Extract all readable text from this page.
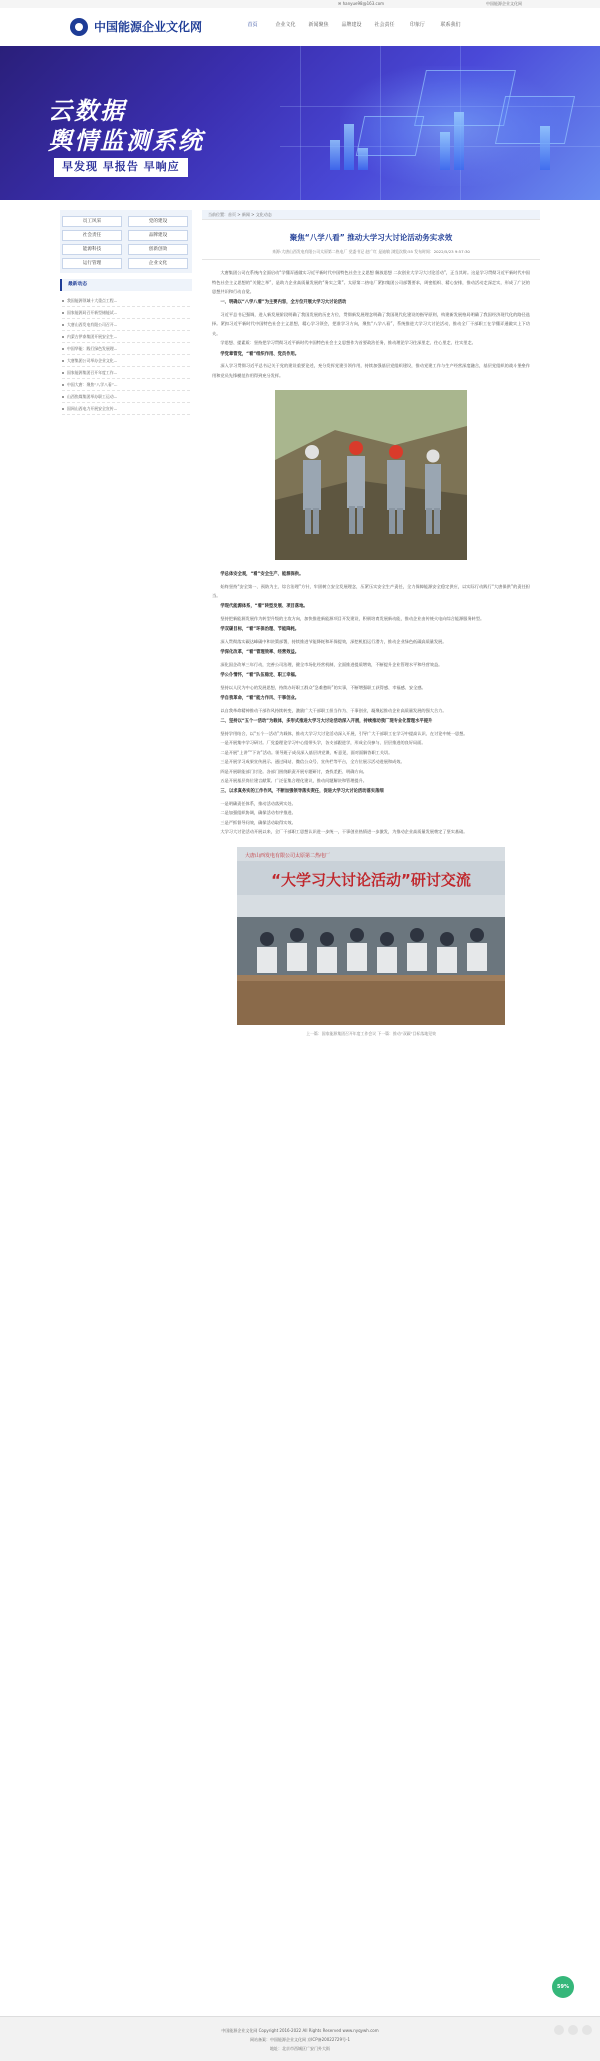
✉ hanyue98@163.com	中国能源企业文化网
中国能源企业文化网	首页	企业文化	新闻聚焦	品牌建设	社会责任	印象厅	联系我们
云数据
舆情监测系统
早发现 早报告 早响应
员工风采	党的建设
社会责任	品牌建设
能源科技	创新创效
运行管理	企业文化
最新动态
我国能源领域十大重点工程...
国家能源局召开新型储能试...
大唐山西发电有限公司召开...
内蒙古伊泰集团开展安全生...
中国华能：践行绿色发展理...
大唐集团公司举办企业文化...
国家能源集团召开年度工作...
中国大唐：聚焦“八学八看”...
山西焦煤集团举办职工运动...
国网山西电力开展安全宣传...
当前位置：首页 > 新闻 > 文化动态
聚焦“八学八看” 推动大学习大讨论活动务实求效
来源:大唐山西发电有限公司太原第二热电厂 党委书记 赵广红 是迪敏 浏览次数:55 发布时间：2022/5/23 9:57:30
大唐集团公司在系统内全面启动“学懂弄通做实习近平新时代中国特色社会主义思想 解放思想 二次创业大学习大讨论活动”，正当其时。这是学习贯彻习近平新时代中国特色社会主义思想的“关键之举”，是助力企业高质量发展的“务实之策”。太原第二热电厂紧扣集团公司部署要求，周密组织、精心安排，推动活动走深走实，形成了广泛的思想共识和行动自觉。
一、明确以“八学八看”为主要内容，全方位开展大学习大讨论活动
习近平总书记强调，进入新发展阶段明确了我国发展的历史方位，贯彻新发展理念明确了我国现代化建设的指导原则，构建新发展格局明确了我国经济现代化的路径选择。紧扣习近平新时代中国特色社会主义思想，精心学习领会，把准学习方向，聚焦“八学八看”，系统推进大学习大讨论活动，推动全厂干部职工在学懂弄通做实上下功夫。
学思想、提素质：坚持把学习贯彻习近平新时代中国特色社会主义思想作为首要政治任务，推动理论学习往深里走、往心里走、往实里走。
学党章管党，“看”组织作用、党员作用。
深入学习贯彻习近平总书记关于党的建设重要论述，充分发挥党建引领作用，持续加强基层党组织建设，推动党建工作与生产经营深度融合，基层党组织的战斗堡垒作用和党员先锋模范作用得到充分发挥。
学总体安全观，“看”安全生产、能源保供。
始终坚持“安全第一、预防为主、综合治理”方针，牢固树立安全发展理念，压紧压实安全生产责任，全力保障能源安全稳定供应，以实际行动践行“大唐保供”的责任担当。
学现代能源体系，“看”转型发展、项目落地。
坚持把新能源发展作为转型升级的主攻方向，加快推进新能源项目开发建设，积极培育发展新动能，推动企业由传统火电向综合能源服务转型。
学双碳目标，“看”环保治理、节能降耗。
深入贯彻落实碳达峰碳中和决策部署，持续推进节能降耗和环保提效，深挖机组运行潜力，推动企业绿色低碳高质量发展。
学深化改革，“看”管理效率、经营效益。
深化国企改革三年行动，完善公司治理，健全市场化经营机制，全面推进提质增效，不断提升企业管理水平和经营效益。
学公仆情怀，“看”队伍稳定、职工幸福。
坚持以人民为中心的发展思想，持续办好职工群众“急难愁盼”的实事，不断增强职工获得感、幸福感、安全感。
学自我革命，“看”能力作风、干事创业。
以自我革命精神推动干部作风持续转变，激励广大干部职工担当作为、干事创业，凝聚起推动企业高质量发展的强大合力。
二、坚持以“五个一活动”为载体，多形式推进大学习大讨论活动深入开展，持续推动我厂现专业化管理水平提升
坚持学用结合，以“五个一活动”为载体，推动大学习大讨论活动深入开展，引导广大干部职工在学习中提高认识、在讨论中统一思想。
一是开展集中学习研讨。厂党委理论学习中心组带头学，各支部跟进学，形成全员参与、层层推进的良好局面。
二是开展“上讲”“下访”活动。领导班子成员深入基层讲党课、听意见，面对面解答职工关切。
三是开展学习成果宣传展示。通过网站、微信公众号、宣传栏等平台，全方位展示活动进展和成效。
四是开展职能部门讨论。各部门围绕职责开展专题研讨，查找差距、明确方向。
五是开展基层岗位建言献策。广泛征集合理化建议，推动问题解决和管理提升。
三、以求真务实的工作作风，不断加强领导落实责任，促进大学习大讨论活动落实落细
一是明确责任体系，推动活动落到实处。
二是加强组织协调，确保活动有序推进。
三是严抓督导问效，确保活动取得实效。
大学习大讨论活动开展以来，全厂干部职工思想认识进一步统一，干事创业热情进一步激发，为推动企业高质量发展奠定了坚实基础。
“大学习大讨论活动”研讨交流
大唐山西发电有限公司太原第二热电厂
上一篇：国家能源集团召开年度工作会议 下一篇：推动“双碳”目标落地见效
59%
中国能源企业文化网 Copyright 2016-2022 All Rights Reserved www.nyqywh.com
网站备案：中国能源企业文化网 京ICP备20022729号-1
地址：北京市西城区广安门外大街
